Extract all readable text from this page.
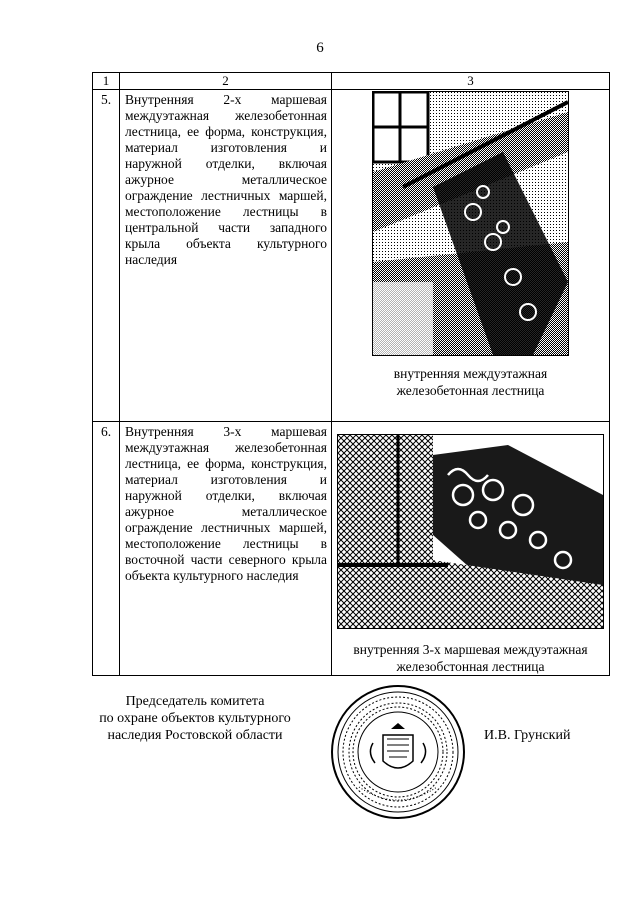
6
1	2	3

5.	Внутренняя 2-х маршевая междуэтажная железобетонная лестница, ее форма, конструкция, материал изготовления и наружной отделки, включая ажурное металлическое ограждение лестничных маршей, местоположение лестницы в центральной части западного крыла объекта культурного наследия	внутренняя междуэтажная
железобетонная лестница

6.	Внутренняя 3-х маршевая междуэтажная железобетонная лестница, ее форма, конструкция, материал изготовления и наружной отделки, включая ажурное металлическое ограждение лестничных маршей, местоположение лестницы в восточной части северного крыла объекта культурного наследия	внутренняя 3-х маршевая междуэтажная
железобстонная лестница
Председатель комитета
по охране объектов культурного
наследия Ростовской области	И.В. Грунский
